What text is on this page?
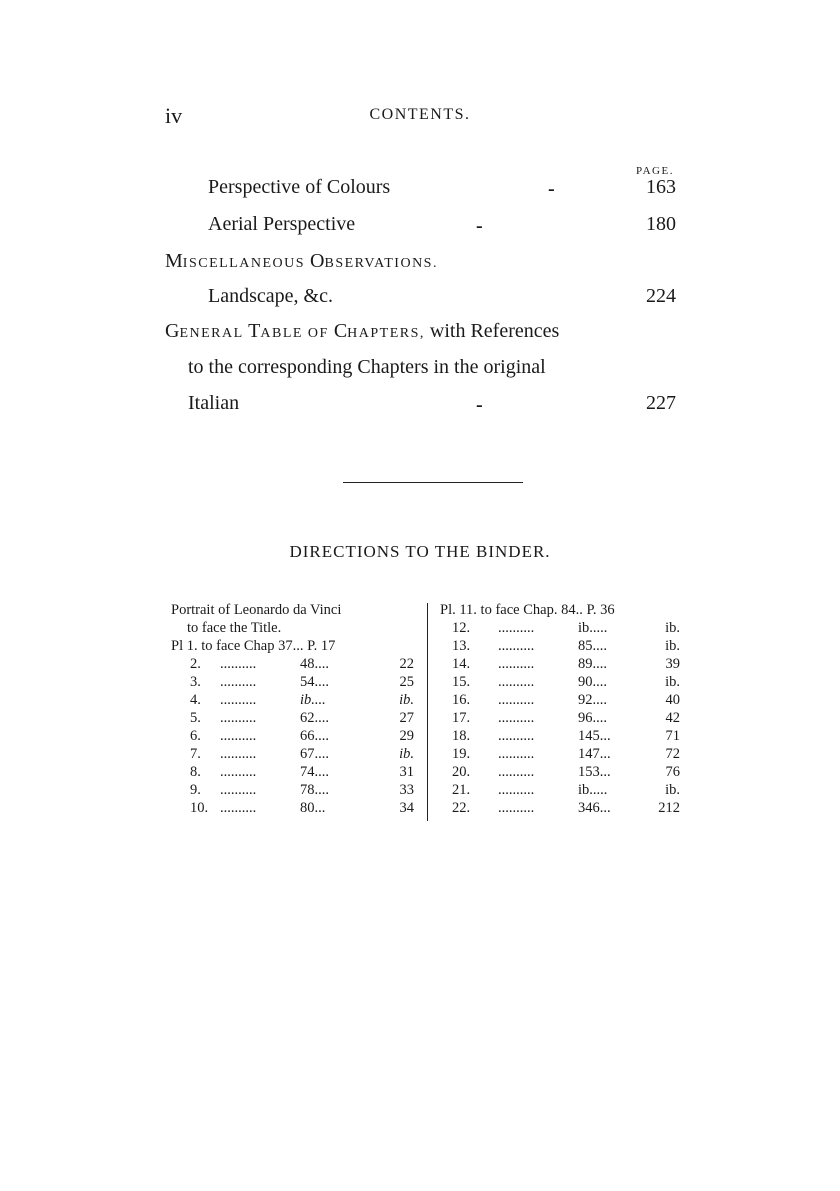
iv	CONTENTS.
PAGE.
Perspective of Colours	-	163
Aerial Perspective	-	180
MISCELLANEOUS OBSERVATIONS.
Landscape, &c.	224
GENERAL TABLE OF CHAPTERS, with References
to the corresponding Chapters in the original
Italian	-	227
DIRECTIONS TO THE BINDER.
Portrait of Leonardo da Vinci
to face the Title.
Pl 1. to face Chap 37... P. 17
2. ..........	48....	22
3. ..........	54....	25
4. ..........	ib....	ib.
5. ..........	62....	27
6. ..........	66....	29
7. ..........	67....	ib.
8. ..........	74....	31
9. ..........	78....	33
10. ..........	80...	34
Pl. 11. to face Chap. 84.. P. 36
12. ..........	ib.....	ib.
13. ..........	85....	ib.
14. ..........	89....	39
15. ..........	90....	ib.
16. ..........	92....	40
17. ..........	96....	42
18. ..........	145...	71
19. ..........	147...	72
20. ..........	153...	76
21. ..........	ib.....	ib.
22. ..........	346...	212
